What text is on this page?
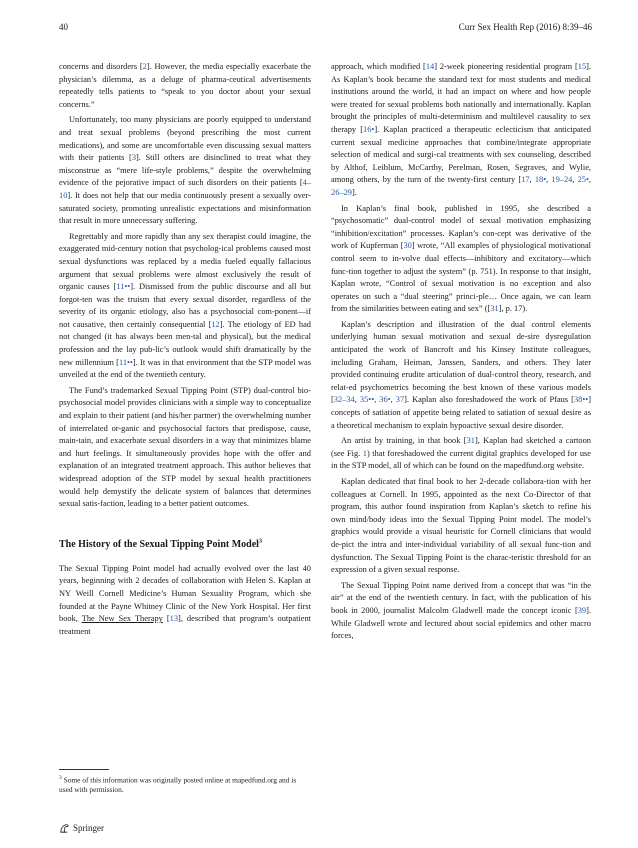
40	Curr Sex Health Rep (2016) 8:39–46

concerns and disorders [2]. However, the media especially exacerbate the physician’s dilemma, as a deluge of pharma-ceutical advertisements repeatedly tells patients to “speak to you doctor about your sexual concerns.”

Unfortunately, too many physicians are poorly equipped to understand and treat sexual problems (beyond prescribing the most current medications), and some are uncomfortable even discussing sexual matters with their patients [3]. Still others are disinclined to treat what they misconstrue as “mere life-style problems,” despite the overwhelming evidence of the pejorative impact of such disorders on their patients [4–10]. It does not help that our media continuously present a sexually over-saturated society, promoting unrealistic expectations and misinformation that result in more unnecessary suffering.

Regrettably and more rapidly than any sex therapist could imagine, the exaggerated mid-century notion that psycholog-ical problems caused most sexual dysfunctions was replaced by a media fueled equally fallacious argument that sexual problems were almost exclusively the result of organic causes [11••]. Dismissed from the public discourse and all but forgot-ten was the truism that every sexual disorder, regardless of the severity of its organic etiology, also has a psychosocial com-ponent—if not causative, then certainly consequential [12]. The etiology of ED had not changed (it has always been men-tal and physical), but the medical profession and the lay pub-lic’s outlook would shift dramatically by the new millennium [11••]. It was in that environment that the STP model was unveiled at the end of the twentieth century.

The Fund’s trademarked Sexual Tipping Point (STP) dual-control bio-psychosocial model provides clinicians with a simple way to conceptualize and explain to their patient (and his/her partner) the overwhelming number of interrelated or-ganic and psychosocial factors that predispose, cause, main-tain, and exacerbate sexual disorders in a way that minimizes blame and hurt feelings. It simultaneously provides hope with the offer and explanation of an integrated treatment approach. This author believes that widespread adoption of the STP model by sexual health practitioners would help demystify the delicate system of balances that determines sexual satis-faction, leading to a better patient outcomes.

The History of the Sexual Tipping Point Model$^3$

The Sexual Tipping Point model had actually evolved over the last 40 years, beginning with 2 decades of collaboration with Helen S. Kaplan at NY Weill Cornell Medicine’s Human Sexuality Program, which she founded at the Payne Whitney Clinic of the New York Hospital. Her first book, The New Sex Therapy [13], described that program’s outpatient treatment

approach, which modified [14] 2-week pioneering residential program [15]. As Kaplan’s book became the standard text for most students and medical institutions around the world, it had an impact on where and how people were treated for sexual problems both nationally and internationally. Kaplan brought the principles of multi-determinism and multilevel causality to sex therapy [16•]. Kaplan practiced a therapeutic eclecticism that anticipated current sexual medicine approaches that combine/integrate appropriate selection of medical and surgi-cal treatments with sex counseling, described by Althof, Leiblum, McCarthy, Perelman, Rosen, Segraves, and Wylie, among others, by the turn of the twenty-first century [17, 18•, 19–24, 25•, 26–29].

In Kaplan’s final book, published in 1995, she described a “psychosomatic” dual-control model of sexual motivation emphasizing “inhibition/excitation” processes. Kaplan’s con-cept was derivative of the work of Kupferman [30] wrote, “All examples of physiological motivational control seem to in-volve dual effects—inhibitory and excitatory—which func-tion together to adjust the system” (p. 751). In response to that insight, Kaplan wrote, “Control of sexual motivation is no exception and also operates on such a “dual steering” princi-ple… Once again, we can learn from the similarities between eating and sex” ([31], p. 17).

Kaplan’s description and illustration of the dual control elements underlying human sexual motivation and sexual de-sire dysregulation anticipated the work of Bancroft and his Kinsey Institute colleagues, including Graham, Heiman, Janssen, Sanders, and others. They later provided continuing erudite articulation of dual-control theory, research, and relat-ed psychometrics becoming the best known of these various models [32–34, 35••, 36•, 37]. Kaplan also foreshadowed the work of Pfaus [38••] concepts of satiation of appetite being related to satiation of sexual desire as a theoretical mechanism to explain hypoactive sexual desire disorder.

An artist by training, in that book [31], Kaplan had sketched a cartoon (see Fig. 1) that foreshadowed the current digital graphics developed for use in the STP model, all of which can be found on the mapedfund.org website.

Kaplan dedicated that final book to her 2-decade collabora-tion with her colleagues at Cornell. In 1995, appointed as the next Co-Director of that program, this author found inspiration from Kaplan’s sketch to refine his own mind/body ideas into the Sexual Tipping Point model. The model’s graphics would provide a visual heuristic for Cornell clinicians that would de-pict the intra and inter-individual variability of all sexual func-tion and dysfunction. The Sexual Tipping Point is the charac-teristic threshold for an expression of a given sexual response.

The Sexual Tipping Point name derived from a concept that was “in the air” at the end of the twentieth century. In fact, with the publication of his book in 2000, journalist Malcolm Gladwell made the concept iconic [39]. While Gladwell wrote and lectured about social epidemics and other macro forces,

$^3$ Some of this information was originally posted online at mapedfund.org and is used with permission.
Springer
